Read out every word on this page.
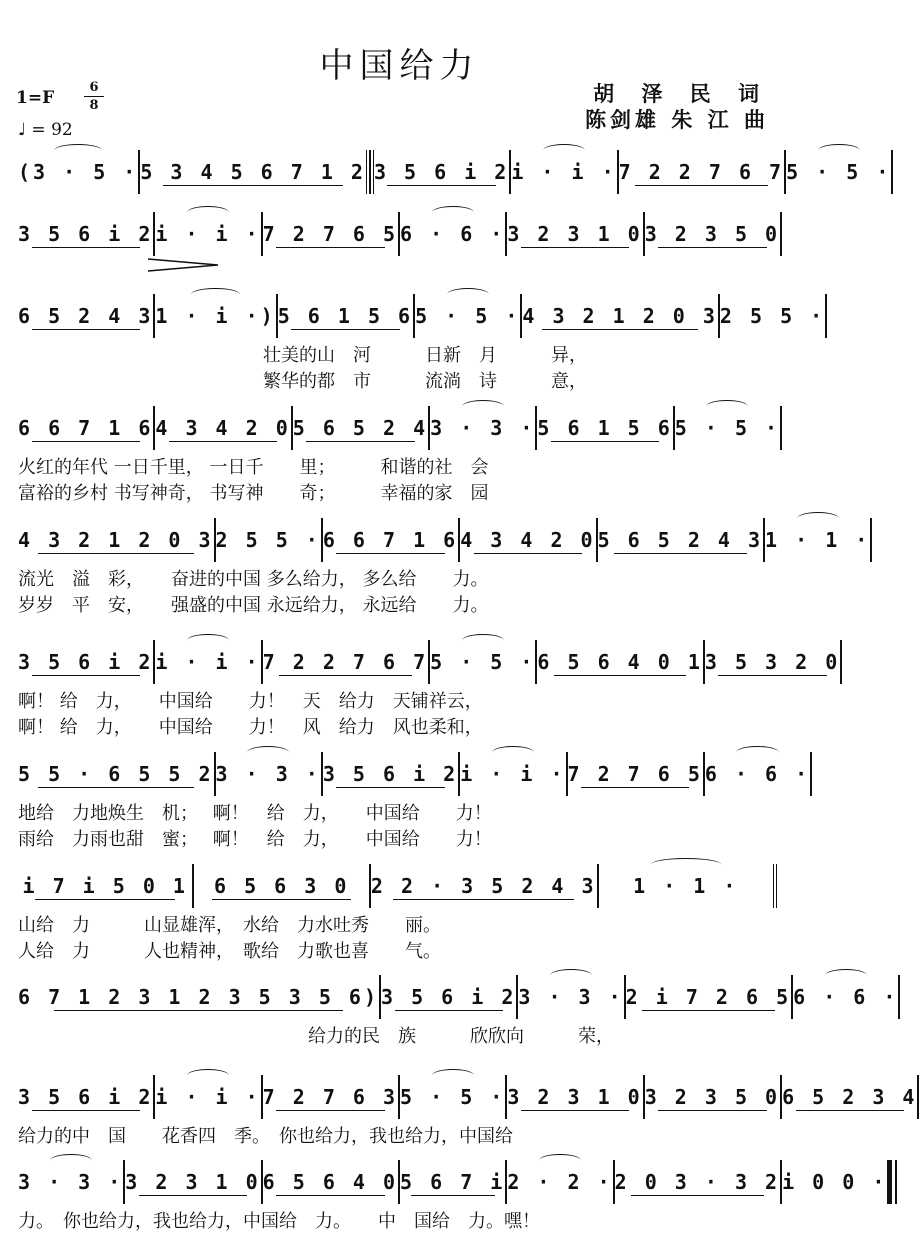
中国给力
1=F
6
8
♩ = 92
胡 泽 民 词
陈剑雄 朱 江 曲
(3 · 5 · 5 3 4 5 6 7 1 2 3 5 6 i 2 i · i · 7 2 2 7 6 7 5 · 5 ·
3 5 6 i 2 i · i · 7 2 7 6 5 6 · 6 · 3 2 3 1 0 3 2 3 5 0
6 5 2 4 3 1 · i ·) 5 6 1 5 6 5 · 5 · 4 3 2 1 2 0 3 2 5 5 ·
壮美的山　河　　　日新　月　　　异，
繁华的都　市　　　流淌　诗　　　意，
6 6 7 1 6 4 3 4 2 0 5 6 5 2 4 3 · 3 · 5 6 1 5 6 5 · 5 ·
火红的年代 一日千里， 一日千　　里；　　　和谐的社　会
富裕的乡村 书写神奇， 书写神　　奇；　　　幸福的家　园
4 3 2 1 2 0 3 2 5 5 · 6 6 7 1 6 4 3 4 2 0 5 6 5 2 4 3 1 · 1 ·
流光　溢　彩，　　奋进的中国 多么给力， 多么给　　力。
岁岁　平　安，　　强盛的中国 永远给力， 永远给　　力。
3 5 6 i 2 i · i · 7 2 2 7 6 7 5 · 5 · 6 5 6 4 0 1 3 5 3 2 0
啊！ 给　力，　　中国给　　力！　天　给力　天铺祥云，
啊！ 给　力，　　中国给　　力！　风　给力　风也柔和，
5 5 · 6 5 5 2 3 · 3 · 3 5 6 i 2 i · i · 7 2 7 6 5 6 · 6 ·
地给　力地焕生　机；　 啊！　给　力，　　中国给　　力！
雨给　力雨也甜　蜜；　 啊！　给　力，　　中国给　　力！
i 7 i 5 0 1 6 5 6 3 0 2 2 · 3 5 2 4 3 1 · 1 ·
山给　力　　　山显雄浑，　水给　力水吐秀　　丽。
人给　力　　　人也精神，　歌给　力歌也喜　　气。
6 7 1 2 3 1 2 3 5 3 5 6) 3 5 6 i 2 3 · 3 · 2 i 7 2 6 5 6 · 6 ·
给力的民　族　　　欣欣向　　　荣，
3 5 6 i 2 i · i · 7 2 7 6 3 5 · 5 · 3 2 3 1 0 3 2 3 5 0 6 5 2 3 4
给力的中　国　　花香四　季。　你也给力，我也给力，中国给
3 · 3 · 3 2 3 1 0 6 5 6 4 0 5 6 7 i 2 · 2 · 2 0 3 · 3 2 i 0 0 ·
力。　你也给力，我也给力，中国给　力。　　中　国给　力。嘿！
